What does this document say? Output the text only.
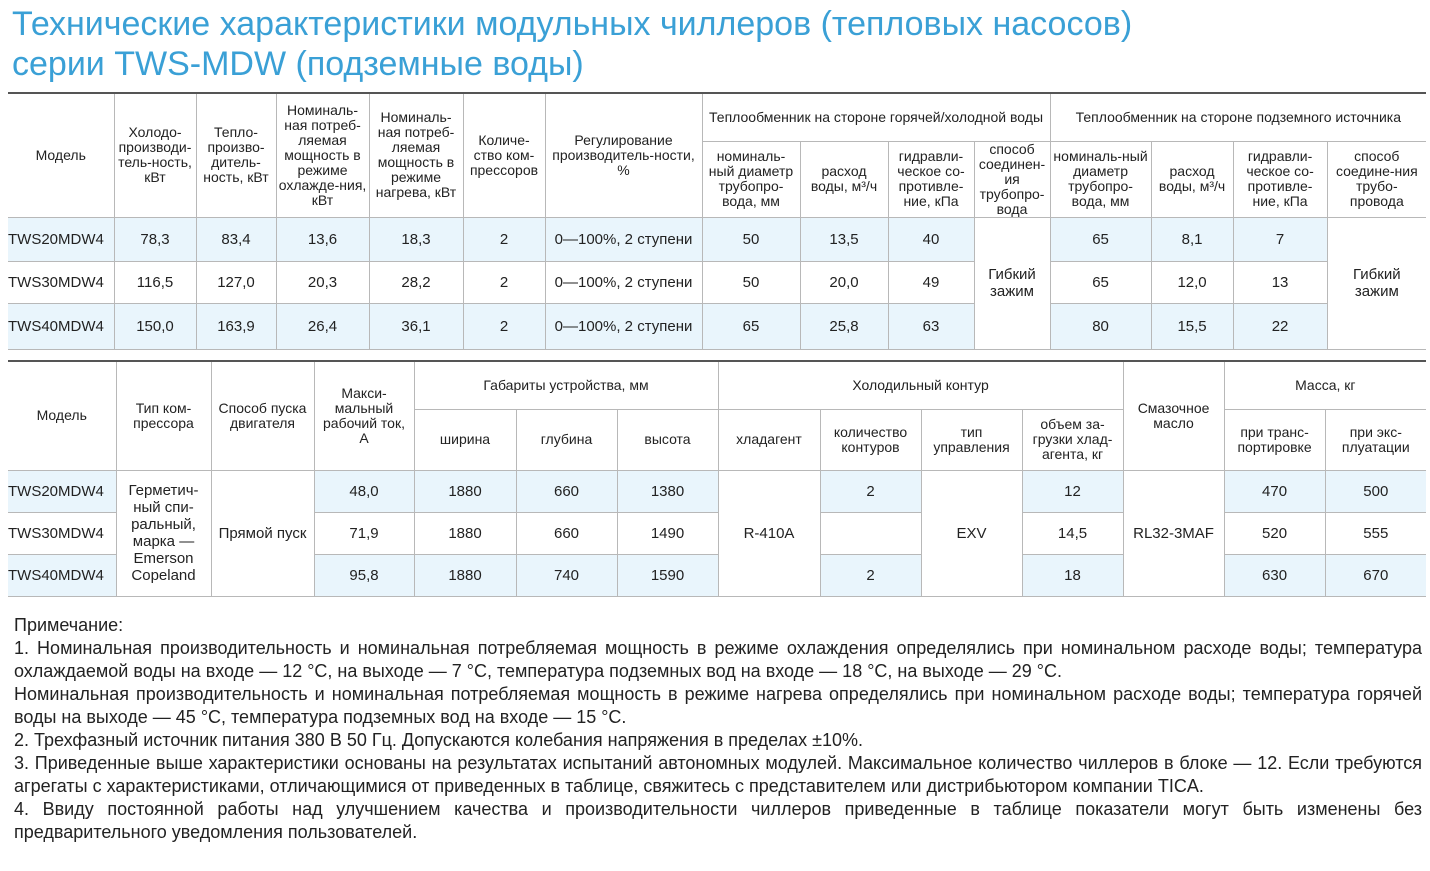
Технические характеристики модульных чиллеров (тепловых насосов)
серии TWS-MDW (подземные воды)
Модель	Холодо-производи-тель-ность, кВт	Тепло-произво-дитель-ность, кВт	Номиналь-ная потреб-ляемая мощность в режиме охлажде-ния, кВт	Номиналь-ная потреб-ляемая мощность в режиме нагрева, кВт	Количе-ство ком-прессоров	Регулирование производитель-ности, %	Теплообменник на стороне горячей/холодной воды				Теплообменник на стороне подземного источника			
							номиналь-ный диаметр трубопро-вода, мм	расход воды, м³/ч	гидравли-ческое со-противле-ние, кПа	способ соединен-ия трубопро-вода	номиналь-ный диаметр трубопро-вода, мм	расход воды, м³/ч	гидравли-ческое со-противле-ние, кПа	способ соедине-ния трубо-провода
TWS20MDW4	78,3	83,4	13,6	18,3	2	0—100%, 2 ступени	50	13,5	40	Гибкий зажим	65	8,1	7	Гибкий зажим
TWS30MDW4	116,5	127,0	20,3	28,2	2	0—100%, 2 ступени	50	20,0	49		65	12,0	13	
TWS40MDW4	150,0	163,9	26,4	36,1	2	0—100%, 2 ступени	65	25,8	63		80	15,5	22	
Модель	Тип ком-прессора	Способ пуска двигателя	Макси-мальный рабочий ток, А	Габариты устройства, мм			Холодильный контур				Смазочное масло	Масса, кг	
				ширина	глубина	высота	хладагент	количество контуров	тип управления	объем за-грузки хлад-агента, кг		при транс-портировке	при экс-плуатации
TWS20MDW4	Герметич-ный спи-ральный, марка — Emerson Copeland	Прямой пуск	48,0	1880	660	1380	R-410A	2	EXV	12	RL32-3MAF	470	500
TWS30MDW4			71,9	1880	660	1490				14,5		520	555
TWS40MDW4			95,8	1880	740	1590		2		18		630	670

Примечание:

1. Номинальная производительность и номинальная потребляемая мощность в режиме охлаждения определялись при номинальном расходе воды; температура охлаждаемой воды на входе — 12 °С, на выходе — 7 °С, температура подземных вод на входе — 18 °С, на выходе — 29 °С.

Номинальная производительность и номинальная потребляемая мощность в режиме нагрева определялись при номинальном расходе воды; температура горячей воды на выходе — 45 °С, температура подземных вод на входе — 15 °С.

2. Трехфазный источник питания 380 В 50 Гц. Допускаются колебания напряжения в пределах ±10%.

3. Приведенные выше характеристики основаны на результатах испытаний автономных модулей. Максимальное количество чиллеров в блоке — 12. Если требуются агрегаты с характеристиками, отличающимися от приведенных в таблице, свяжитесь с представителем или дистрибьютором компании TICA.

4. Ввиду постоянной работы над улучшением качества и производительности чиллеров приведенные в таблице показатели могут быть изменены без предварительного уведомления пользователей.
